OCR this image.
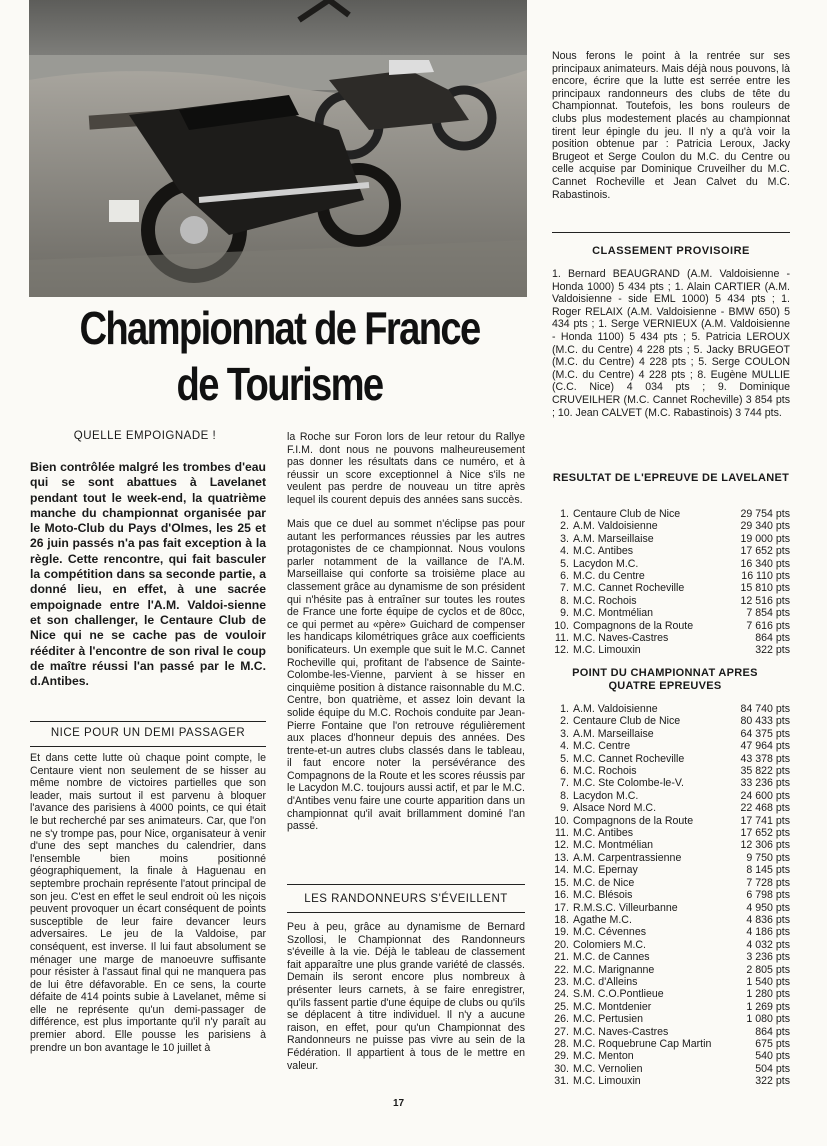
Championnat de France
de Tourisme
QUELLE EMPOIGNADE !
Bien contrôlée malgré les trombes d'eau qui se sont abattues à Lavelanet pendant tout le week-end, la quatrième manche du championnat organisée par le Moto-Club du Pays d'Olmes, les 25 et 26 juin passés n'a pas fait exception à la règle. Cette rencontre, qui fait basculer la compétition dans sa seconde partie, a donné lieu, en effet, à une sacrée empoignade entre l'A.M. Valdoi-sienne et son challenger, le Centaure Club de Nice qui ne se cache pas de vouloir rééditer à l'encontre de son rival le coup de maître réussi l'an passé par le M.C. d.Antibes.
NICE POUR UN DEMI PASSAGER
Et dans cette lutte où chaque point compte, le Centaure vient non seulement de se hisser au même nombre de victoires partielles que son leader, mais surtout il est parvenu à bloquer l'avance des parisiens à 4000 points, ce qui était le but recherché par ses animateurs. Car, que l'on ne s'y trompe pas, pour Nice, organisateur à venir d'une des sept manches du calendrier, dans l'ensemble bien moins positionné géographiquement, la finale à Haguenau en septembre prochain représente l'atout principal de son jeu. C'est en effet le seul endroit où les niçois peuvent provoquer un écart conséquent de points susceptible de leur faire devancer leurs adversaires. Le jeu de la Valdoise, par conséquent, est inverse. Il lui faut absolument se ménager une marge de manoeuvre suffisante pour résister à l'assaut final qui ne manquera pas de lui être défavorable. En ce sens, la courte défaite de 414 points subie à Lavelanet, même si elle ne représente qu'un demi-passager de différence, est plus importante qu'il n'y paraît au premier abord. Elle pousse les parisiens à prendre un bon avantage le 10 juillet à
la Roche sur Foron lors de leur retour du Rallye F.I.M. dont nous ne pouvons malheureusement pas donner les résultats dans ce numéro, et à réussir un score exceptionnel à Nice s'ils ne veulent pas perdre de nouveau un titre après lequel ils courent depuis des années sans succès.
Mais que ce duel au sommet n'éclipse pas pour autant les performances réussies par les autres protagonistes de ce championnat. Nous voulons parler notamment de la vaillance de l'A.M. Marseillaise qui conforte sa troisième place au classement grâce au dynamisme de son président qui n'hésite pas à entraîner sur toutes les routes de France une forte équipe de cyclos et de 80cc, ce qui permet au «père» Guichard de compenser les handicaps kilométriques grâce aux coefficients bonificateurs. Un exemple que suit le M.C. Cannet Rocheville qui, profitant de l'absence de Sainte-Colombe-les-Vienne, parvient à se hisser en cinquième position à distance raisonnable du M.C. Centre, bon quatrième, et assez loin devant la solide équipe du M.C. Rochois conduite par Jean-Pierre Fontaine que l'on retrouve régulièrement aux places d'honneur depuis des années. Des trente-et-un autres clubs classés dans le tableau, il faut encore noter la persévérance des Compagnons de la Route et les scores réussis par le Lacydon M.C. toujours aussi actif, et par le M.C. d'Antibes venu faire une courte apparition dans un championnat qu'il avait brillamment dominé l'an passé.
LES RANDONNEURS S'ÉVEILLENT
Peu à peu, grâce au dynamisme de Bernard Szollosi, le Championnat des Randonneurs s'éveille à la vie. Déjà le tableau de classement fait apparaître une plus grande variété de classés. Demain ils seront encore plus nombreux à présenter leurs carnets, à se faire enregistrer, qu'ils fassent partie d'une équipe de clubs ou qu'ils se déplacent à titre individuel. Il n'y a aucune raison, en effet, pour qu'un Championnat des Randonneurs ne puisse pas vivre au sein de la Fédération. Il appartient à tous de le mettre en valeur.
Nous ferons le point à la rentrée sur ses principaux animateurs. Mais déjà nous pouvons, là encore, écrire que la lutte est serrée entre les principaux randonneurs des clubs de tête du Championnat. Toutefois, les bons rouleurs de clubs plus modestement placés au championnat tirent leur épingle du jeu. Il n'y a qu'à voir la position obtenue par : Patricia Leroux, Jacky Brugeot et Serge Coulon du M.C. du Centre ou celle acquise par Dominique Cruveilher du M.C. Cannet Rocheville et Jean Calvet du M.C. Rabastinois.
CLASSEMENT PROVISOIRE
1. Bernard BEAUGRAND (A.M. Valdoisienne - Honda 1000) 5 434 pts ; 1. Alain CARTIER (A.M. Valdoisienne - side EML 1000) 5 434 pts ; 1. Roger RELAIX (A.M. Valdoisienne - BMW 650) 5 434 pts ; 1. Serge VERNIEUX (A.M. Valdoisienne - Honda 1100) 5 434 pts ; 5. Patricia LEROUX (M.C. du Centre) 4 228 pts ; 5. Jacky BRUGEOT (M.C. du Centre) 4 228 pts ; 5. Serge COULON (M.C. du Centre) 4 228 pts ; 8. Eugène MULLIE (C.C. Nice) 4 034 pts ; 9. Dominique CRUVEILHER (M.C. Cannet Rocheville) 3 854 pts ; 10. Jean CALVET (M.C. Rabastinois) 3 744 pts.
RESULTAT DE L'EPREUVE DE LAVELANET
1.	Centaure Club de Nice	29 754 pts
2.	A.M. Valdoisienne	29 340 pts
3.	A.M. Marseillaise	19 000 pts
4.	M.C. Antibes	17 652 pts
5.	Lacydon M.C.	16 340 pts
6.	M.C. du Centre	16 110 pts
7.	M.C. Cannet Rocheville	15 810 pts
8.	M.C. Rochois	12 516 pts
9.	M.C. Montmélian	7 854 pts
10.	Compagnons de la Route	7 616 pts
11.	M.C. Naves-Castres	864 pts
12.	M.C. Limouxin	322 pts
POINT DU CHAMPIONNAT APRES QUATRE EPREUVES
1.	A.M. Valdoisienne	84 740 pts
2.	Centaure Club de Nice	80 433 pts
3.	A.M. Marseillaise	64 375 pts
4.	M.C. Centre	47 964 pts
5.	M.C. Cannet Rocheville	43 378 pts
6.	M.C. Rochois	35 822 pts
7.	M.C. Ste Colombe-le-V.	33 236 pts
8.	Lacydon M.C.	24 600 pts
9.	Alsace Nord M.C.	22 468 pts
10.	Compagnons de la Route	17 741 pts
11.	M.C. Antibes	17 652 pts
12.	M.C. Montmélian	12 306 pts
13.	A.M. Carpentrassienne	9 750 pts
14.	M.C. Epernay	8 145 pts
15.	M.C. de Nice	7 728 pts
16.	M.C. Blésois	6 798 pts
17.	R.M.S.C. Villeurbanne	4 950 pts
18.	Agathe M.C.	4 836 pts
19.	M.C. Cévennes	4 186 pts
20.	Colomiers M.C.	4 032 pts
21.	M.C. de Cannes	3 236 pts
22.	M.C. Marignanne	2 805 pts
23.	M.C. d'Alleins	1 540 pts
24.	S.M. C.O.Pontlieue	1 280 pts
25.	M.C. Montdenier	1 269 pts
26.	M.C. Pertusien	1 080 pts
27.	M.C. Naves-Castres	864 pts
28.	M.C. Roquebrune Cap Martin	675 pts
29.	M.C. Menton	540 pts
30.	M.C. Vernolien	504 pts
31.	M.C. Limouxin	322 pts
17
